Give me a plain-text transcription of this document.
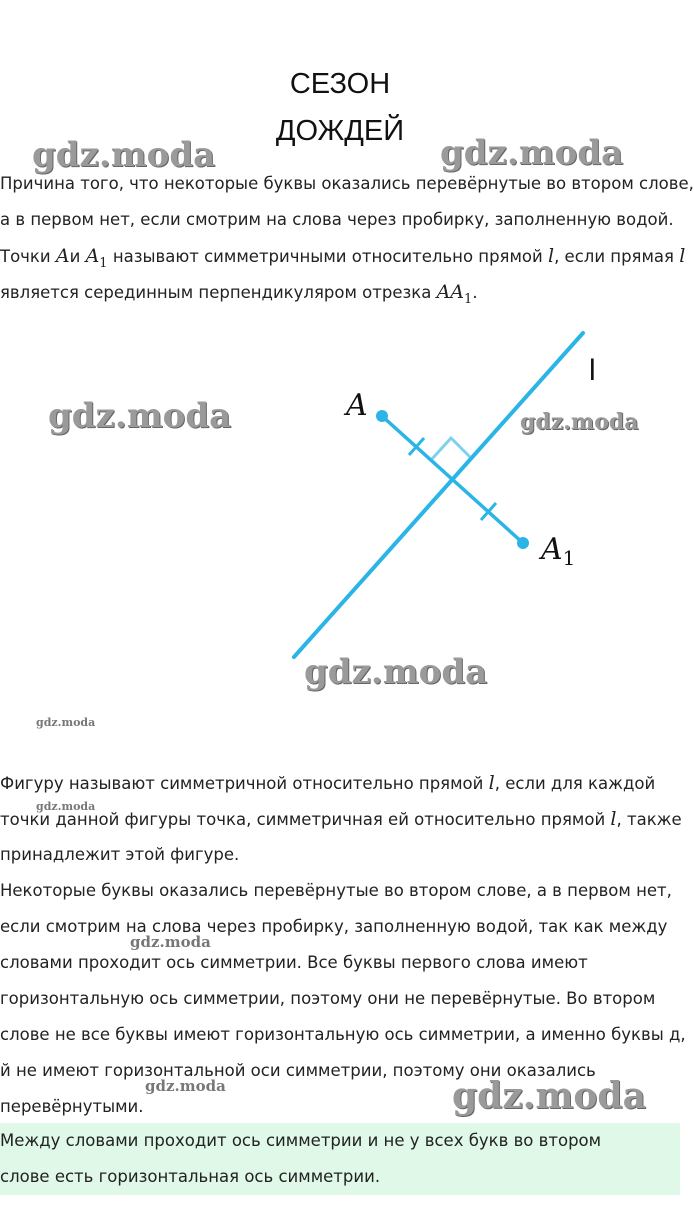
СЕЗОН
ДОЖДЕЙ
Причина того, что некоторые буквы оказались перевёрнутые во втором слове,
а в первом нет, если смотрим на слова через пробирку, заполненную водой.
Точки Aи $A_1$ называют симметричными относительно прямой l, если прямая l
является серединным перпендикуляром отрезка $AA_1$.
l
A
$A_1$
Фигуру называют симметричной относительно прямой l, если для каждой
точки данной фигуры точка, симметричная ей относительно прямой l, также
принадлежит этой фигуре.
Некоторые буквы оказались перевёрнутые во втором слове, а в первом нет,
если смотрим на слова через пробирку, заполненную водой, так как между
словами проходит ось симметрии. Все буквы первого слова имеют
горизонтальную ось симметрии, поэтому они не перевёрнутые. Во втором
слове не все буквы имеют горизонтальную ось симметрии, а именно буквы д,
й не имеют горизонтальной оси симметрии, поэтому они оказались
перевёрнутыми.
Между словами проходит ось симметрии и не у всех букв во втором
слове есть горизонтальная ось симметрии.
gdz.moda	gdz.moda
gdz.moda	gdz.moda
gdz.moda
gdz.moda
gdz.moda
gdz.moda
gdz.moda	gdz.moda
